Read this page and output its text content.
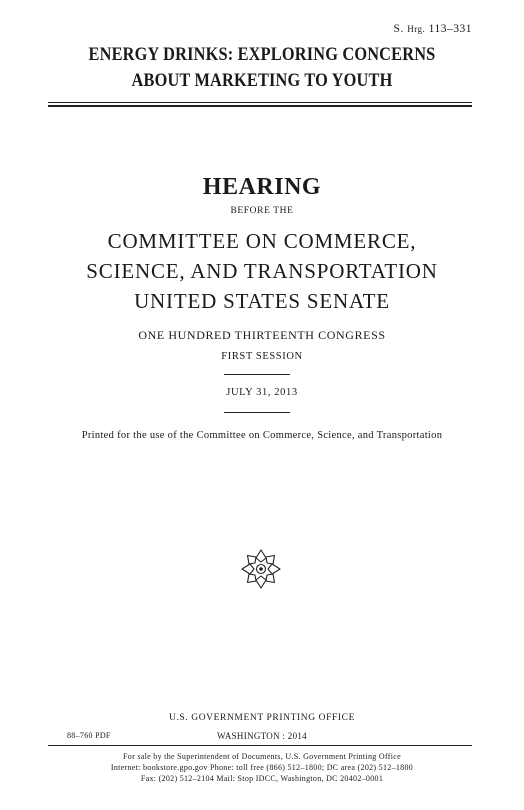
S. Hrg. 113–331
ENERGY DRINKS: EXPLORING CONCERNS
ABOUT MARKETING TO YOUTH
HEARING
BEFORE THE
COMMITTEE ON COMMERCE,
SCIENCE, AND TRANSPORTATION
UNITED STATES SENATE
ONE HUNDRED THIRTEENTH CONGRESS
FIRST SESSION
JULY 31, 2013
Printed for the use of the Committee on Commerce, Science, and Transportation
U.S. GOVERNMENT PRINTING OFFICE
88–760 PDF	WASHINGTON : 2014
For sale by the Superintendent of Documents, U.S. Government Printing Office
Internet: bookstore.gpo.gov Phone: toll free (866) 512–1800; DC area (202) 512–1800
Fax: (202) 512–2104 Mail: Stop IDCC, Washington, DC 20402–0001
